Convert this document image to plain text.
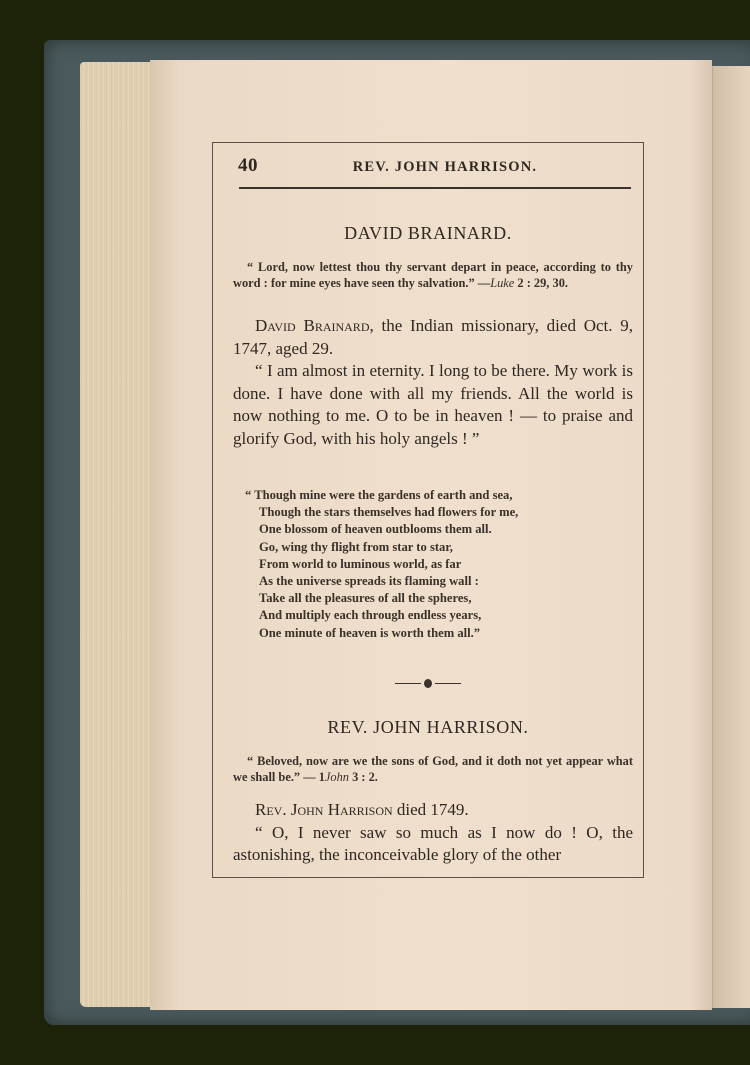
40	REV. JOHN HARRISON.
DAVID BRAINARD.
“ Lord, now lettest thou thy servant depart in peace, according to thy word : for mine eyes have seen thy salvation.” —Luke 2 : 29, 30.

David Brainard, the Indian missionary, died Oct. 9, 1747, aged 29.

“ I am almost in eternity. I long to be there. My work is done. I have done with all my friends. All the world is now nothing to me. O to be in heaven ! — to praise and glorify God, with his holy angels ! ”

“ Though mine were the gardens of earth and sea,
Though the stars themselves had flowers for me,
One blossom of heaven outblooms them all.
Go, wing thy flight from star to star,
From world to luminous world, as far
As the universe spreads its flaming wall :
Take all the pleasures of all the spheres,
And multiply each through endless years,
One minute of heaven is worth them all.”
REV. JOHN HARRISON.
“ Beloved, now are we the sons of God, and it doth not yet appear what we shall be.” — 1John 3 : 2.

Rev. John Harrison died 1749.

“ O, I never saw so much as I now do ! O, the astonishing, the inconceivable glory of the other
